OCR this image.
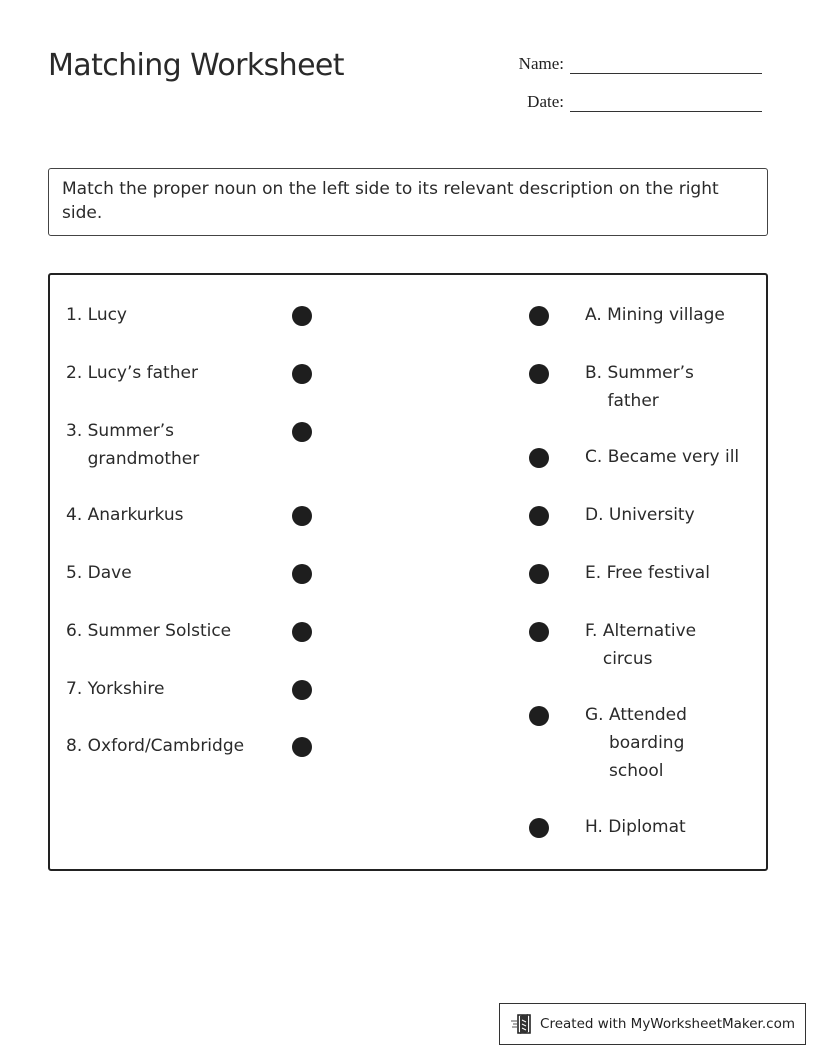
Matching Worksheet	Name:
Date:
Match the proper noun on the left side to its relevant description on the right side.
1. Lucy
2. Lucy’s father
3. Summer’s grandmother
4. Anarkurkus
5. Dave
6. Summer Solstice
7. Yorkshire
8. Oxford/Cambridge
A. Mining village
B. Summer’s father
C. Became very ill
D. University
E. Free festival
F. Alternative circus
G. Attended boarding school
H. Diplomat
Created with MyWorksheetMaker.com
